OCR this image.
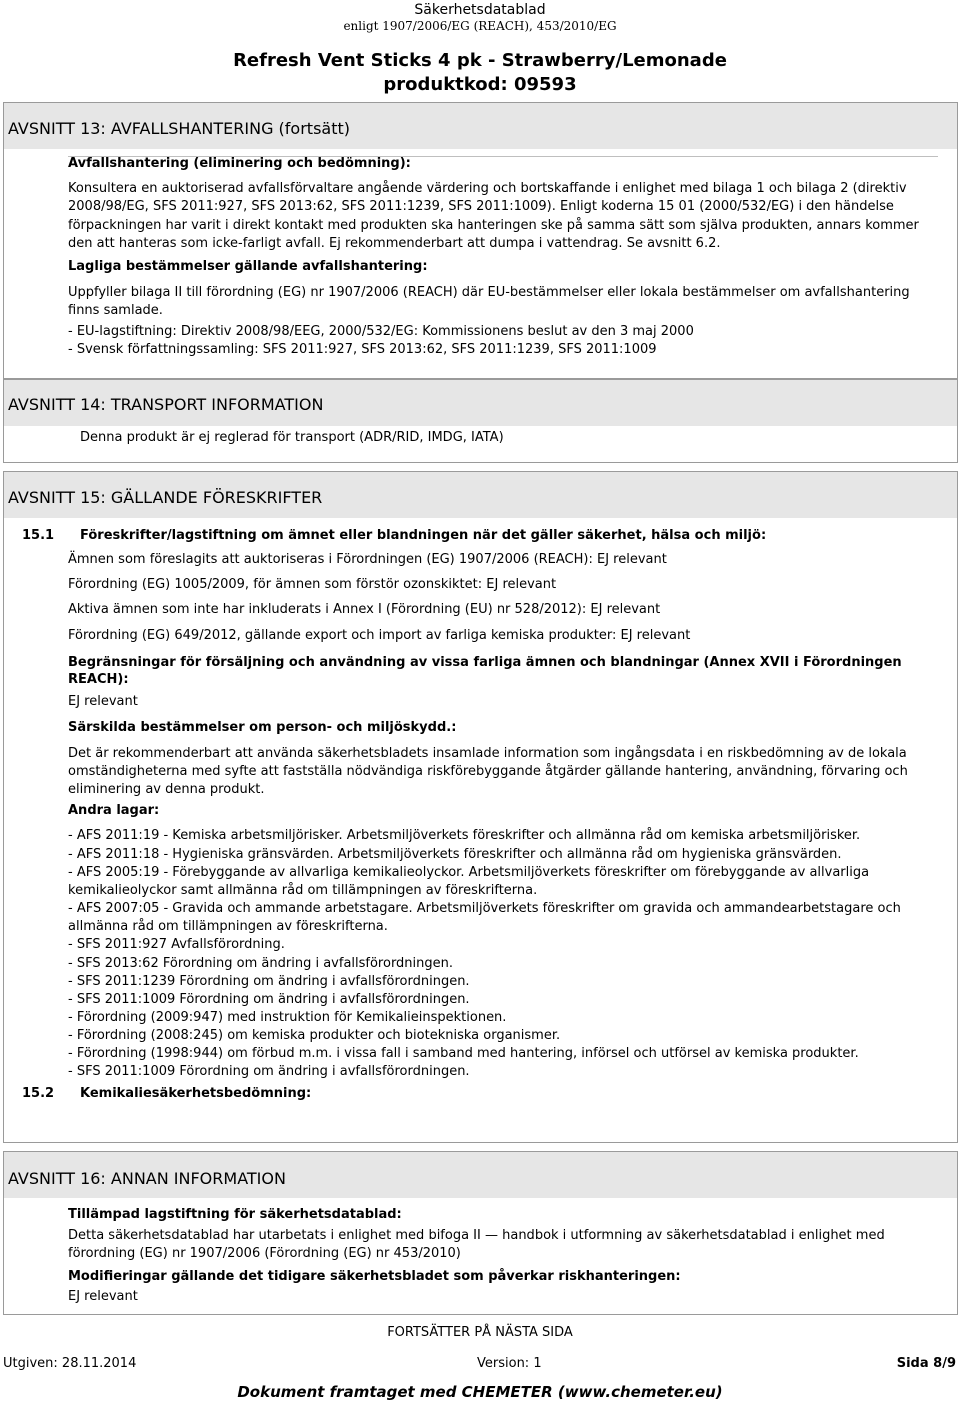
Säkerhetsdatablad
enligt 1907/2006/EG (REACH), 453/2010/EG
Refresh Vent Sticks 4 pk - Strawberry/Lemonade
produktkod: 09593
AVSNITT 13: AVFALLSHANTERING (fortsätt)
Avfallshantering (eliminering och bedömning):
Konsultera en auktoriserad avfallsförvaltare angående värdering och bortskaffande i enlighet med bilaga 1 och bilaga 2 (direktiv
2008/98/EG, SFS 2011:927, SFS 2013:62, SFS 2011:1239, SFS 2011:1009). Enligt koderna 15 01 (2000/532/EG) i den händelse
förpackningen har varit i direkt kontakt med produkten ska hanteringen ske på samma sätt som själva produkten, annars kommer
den att hanteras som icke-farligt avfall. Ej rekommenderbart att dumpa i vattendrag. Se avsnitt 6.2.
Lagliga bestämmelser gällande avfallshantering:
Uppfyller bilaga II till förordning (EG) nr 1907/2006 (REACH) där EU-bestämmelser eller lokala bestämmelser om avfallshantering
finns samlade.
- EU-lagstiftning: Direktiv 2008/98/EEG, 2000/532/EG: Kommissionens beslut av den 3 maj 2000
- Svensk författningssamling: SFS 2011:927, SFS 2013:62, SFS 2011:1239, SFS 2011:1009
AVSNITT 14: TRANSPORT INFORMATION
Denna produkt är ej reglerad för transport (ADR/RID, IMDG, IATA)
AVSNITT 15: GÄLLANDE FÖRESKRIFTER
15.1 Föreskrifter/lagstiftning om ämnet eller blandningen när det gäller säkerhet, hälsa och miljö:
Ämnen som föreslagits att auktoriseras i Förordningen (EG) 1907/2006 (REACH): EJ relevant
Förordning (EG) 1005/2009, för ämnen som förstör ozonskiktet: EJ relevant
Aktiva ämnen som inte har inkluderats i Annex I (Förordning (EU) nr 528/2012): EJ relevant
Förordning (EG) 649/2012, gällande export och import av farliga kemiska produkter: EJ relevant
Begränsningar för försäljning och användning av vissa farliga ämnen och blandningar (Annex XVII i Förordningen
REACH):
EJ relevant
Särskilda bestämmelser om person- och miljöskydd.:
Det är rekommenderbart att använda säkerhetsbladets insamlade information som ingångsdata i en riskbedömning av de lokala
omständigheterna med syfte att fastställa nödvändiga riskförebyggande åtgärder gällande hantering, användning, förvaring och
eliminering av denna produkt.
Andra lagar:
- AFS 2011:19 - Kemiska arbetsmiljörisker. Arbetsmiljöverkets föreskrifter och allmänna råd om kemiska arbetsmiljörisker.
- AFS 2011:18 - Hygieniska gränsvärden. Arbetsmiljöverkets föreskrifter och allmänna råd om hygieniska gränsvärden.
- AFS 2005:19 - Förebyggande av allvarliga kemikalieolyckor. Arbetsmiljöverkets föreskrifter om förebyggande av allvarliga
kemikalieolyckor samt allmänna råd om tillämpningen av föreskrifterna.
- AFS 2007:05 - Gravida och ammande arbetstagare. Arbetsmiljöverkets föreskrifter om gravida och ammandearbetstagare och
allmänna råd om tillämpningen av föreskrifterna.
- SFS 2011:927 Avfallsförordning.
- SFS 2013:62 Förordning om ändring i avfallsförordningen.
- SFS 2011:1239 Förordning om ändring i avfallsförordningen.
- SFS 2011:1009 Förordning om ändring i avfallsförordningen.
- Förordning (2009:947) med instruktion för Kemikalieinspektionen.
- Förordning (2008:245) om kemiska produkter och biotekniska organismer.
- Förordning (1998:944) om förbud m.m. i vissa fall i samband med hantering, införsel och utförsel av kemiska produkter.
- SFS 2011:1009 Förordning om ändring i avfallsförordningen.
15.2 Kemikaliesäkerhetsbedömning:
AVSNITT 16: ANNAN INFORMATION
Tillämpad lagstiftning för säkerhetsdatablad:
Detta säkerhetsdatablad har utarbetats i enlighet med bifoga II — handbok i utformning av säkerhetsdatablad i enlighet med
förordning (EG) nr 1907/2006 (Förordning (EG) nr 453/2010)
Modifieringar gällande det tidigare säkerhetsbladet som påverkar riskhanteringen:
EJ relevant
FORTSÄTTER PÅ NÄSTA SIDA
Utgiven: 28.11.2014	Version: 1	Sida 8/9
Dokument framtaget med CHEMETER (www.chemeter.eu)
